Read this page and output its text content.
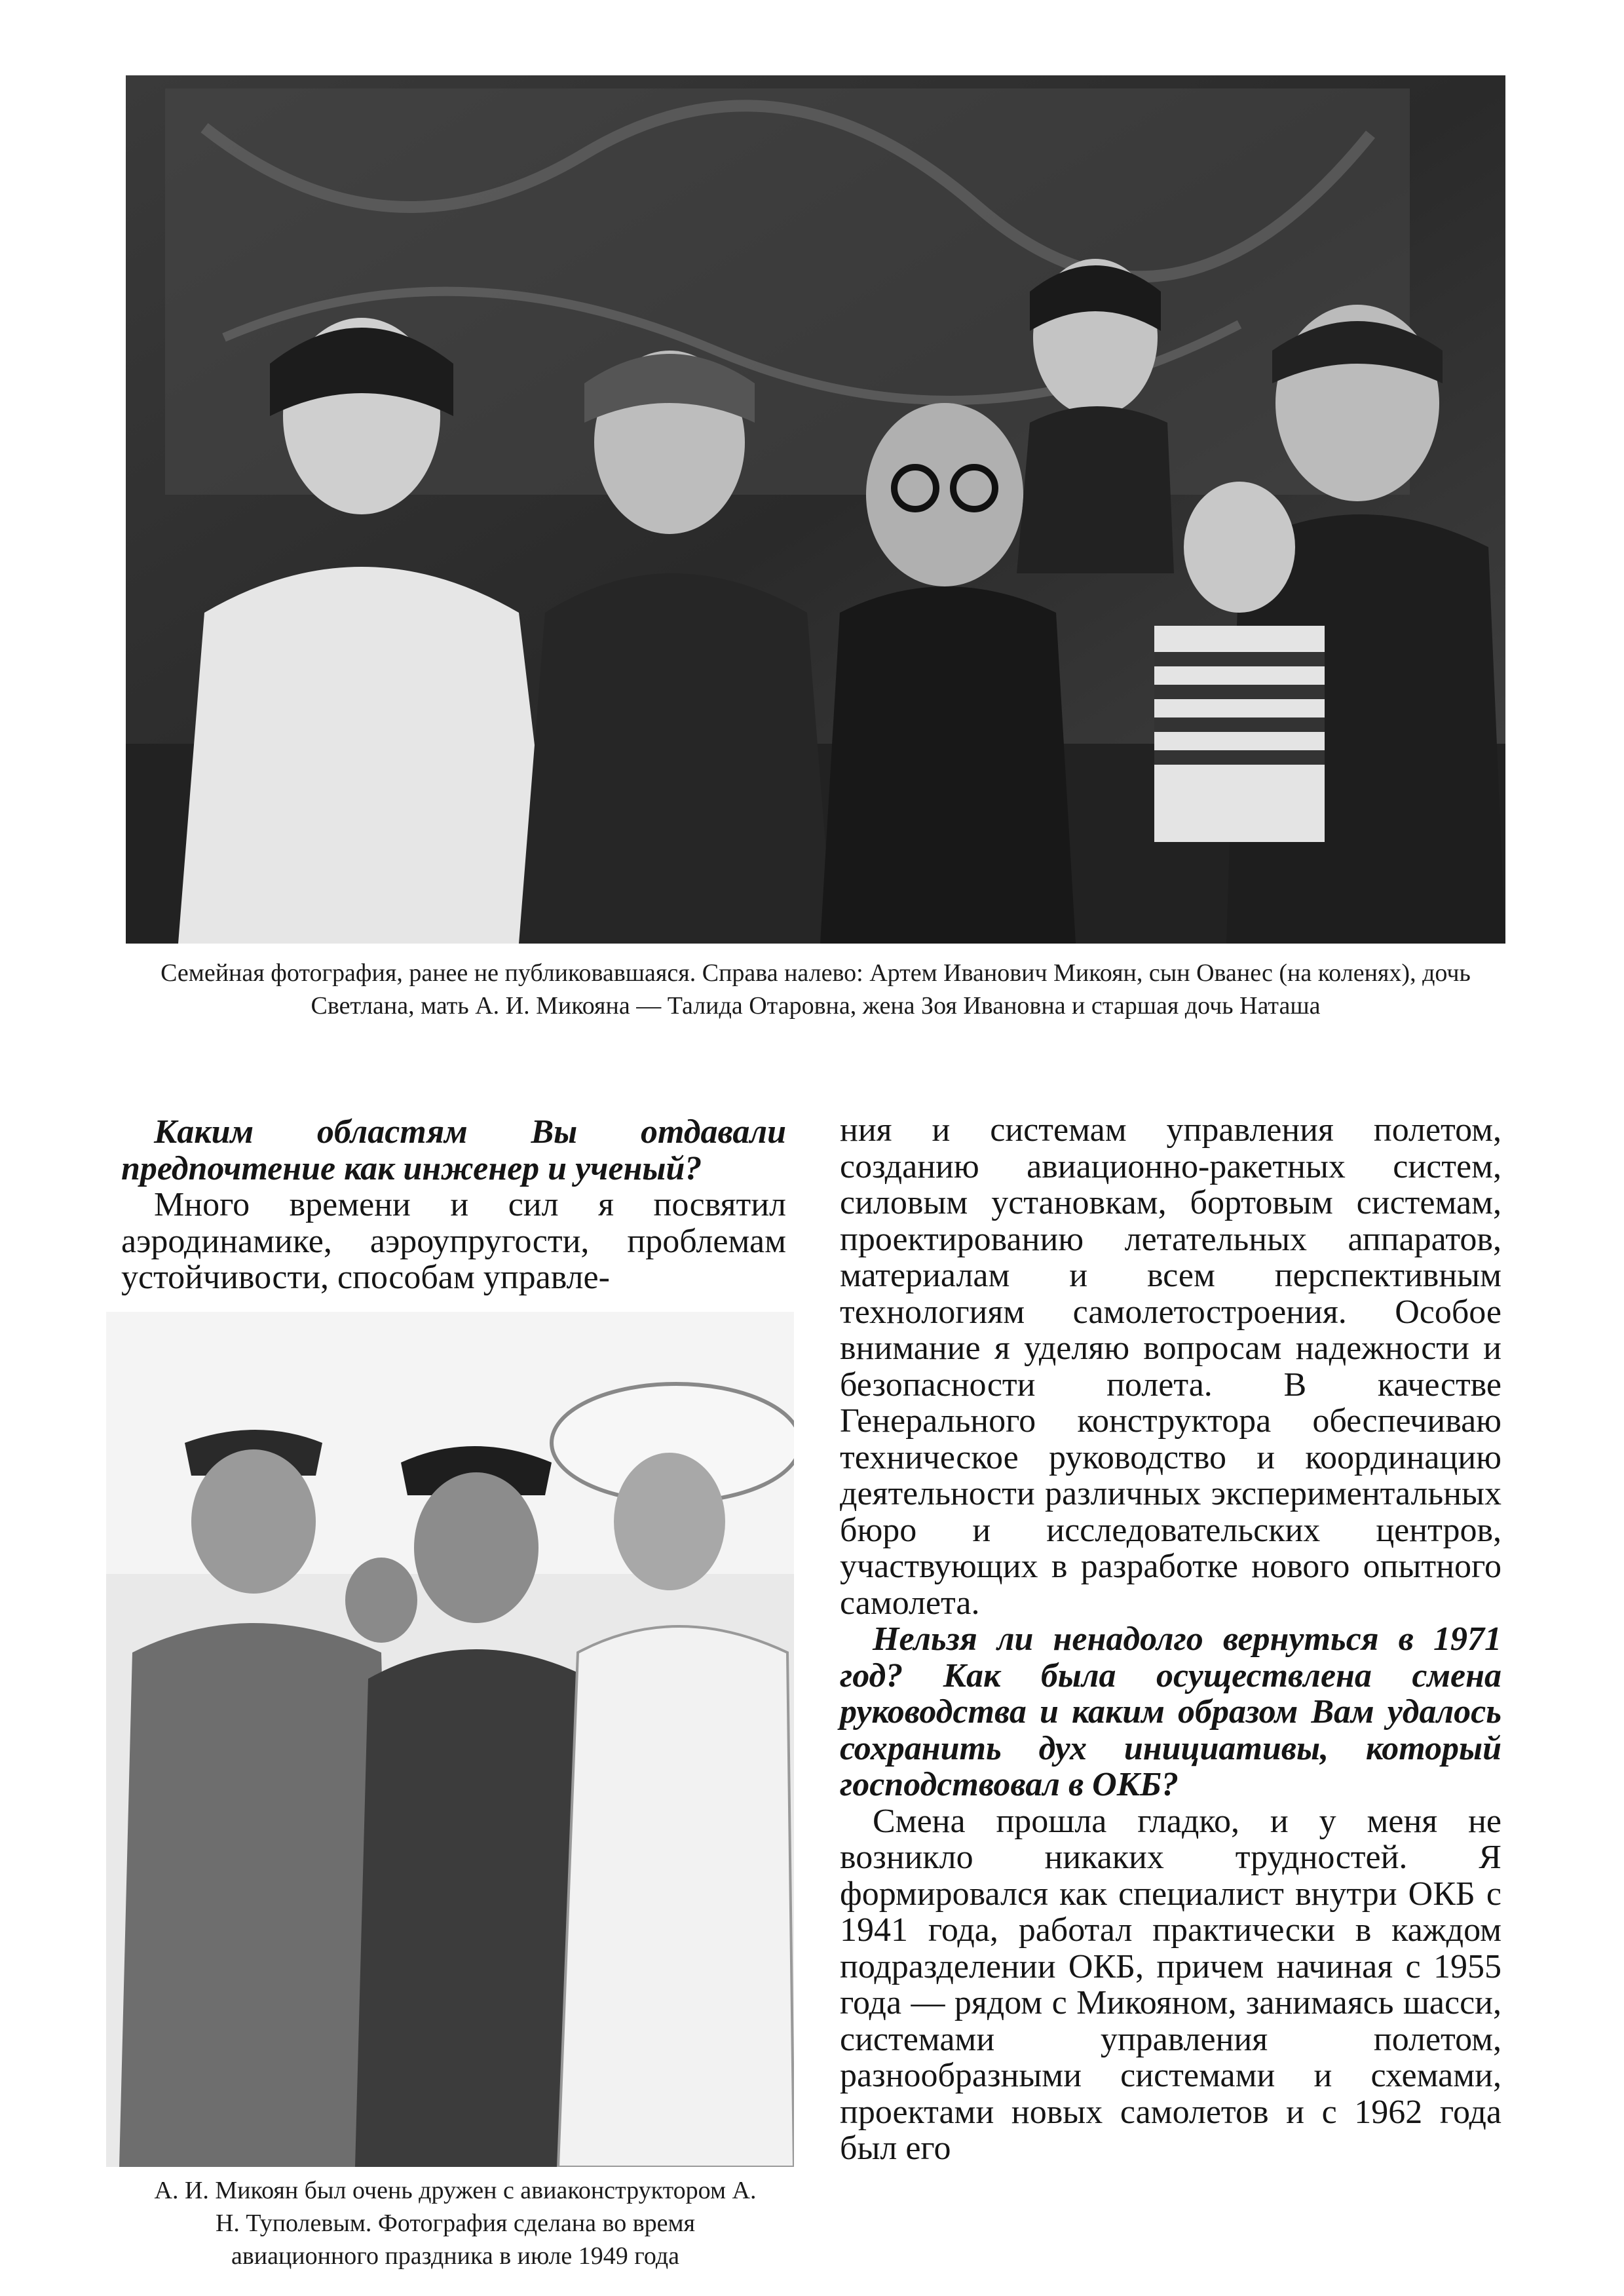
Семейная фотография, ранее не публиковавшаяся. Справа налево: Артем Иванович Микоян, сын Ованес (на коленях), дочь Светлана, мать А. И. Микояна — Талида Отаровна, жена Зоя Ивановна и старшая дочь Наташа

Каким областям Вы отдавали предпочтение как инженер и ученый?

Много времени и сил я посвятил аэродинамике, аэроупругости, проблемам устойчивости, способам управле-

А. И. Микоян был очень дружен с авиаконструктором А. Н. Туполевым. Фотография сделана во время авиационного праздника в июле 1949 года

ния и системам управления полетом, созданию авиационно-ракетных систем, силовым установкам, бортовым системам, проектированию летательных аппаратов, материалам и всем перспективным технологиям самолетостроения. Особое внимание я уделяю вопросам надежности и безопасности полета. В качестве Генерального конструктора обеспечиваю техническое руководство и координацию деятельности различных экспериментальных бюро и исследовательских центров, участвующих в разработке нового опытного самолета.

Нельзя ли ненадолго вернуться в 1971 год? Как была осуществлена смена руководства и каким образом Вам удалось сохранить дух инициативы, который господствовал в ОКБ?

Смена прошла гладко, и у меня не возникло никаких трудностей. Я формировался как специалист внутри ОКБ с 1941 года, работал практически в каждом подразделении ОКБ, причем начиная с 1955 года — рядом с Микояном, занимаясь шасси, системами управления полетом, разнообразными системами и схемами, проектами новых самолетов и с 1962 года был его
